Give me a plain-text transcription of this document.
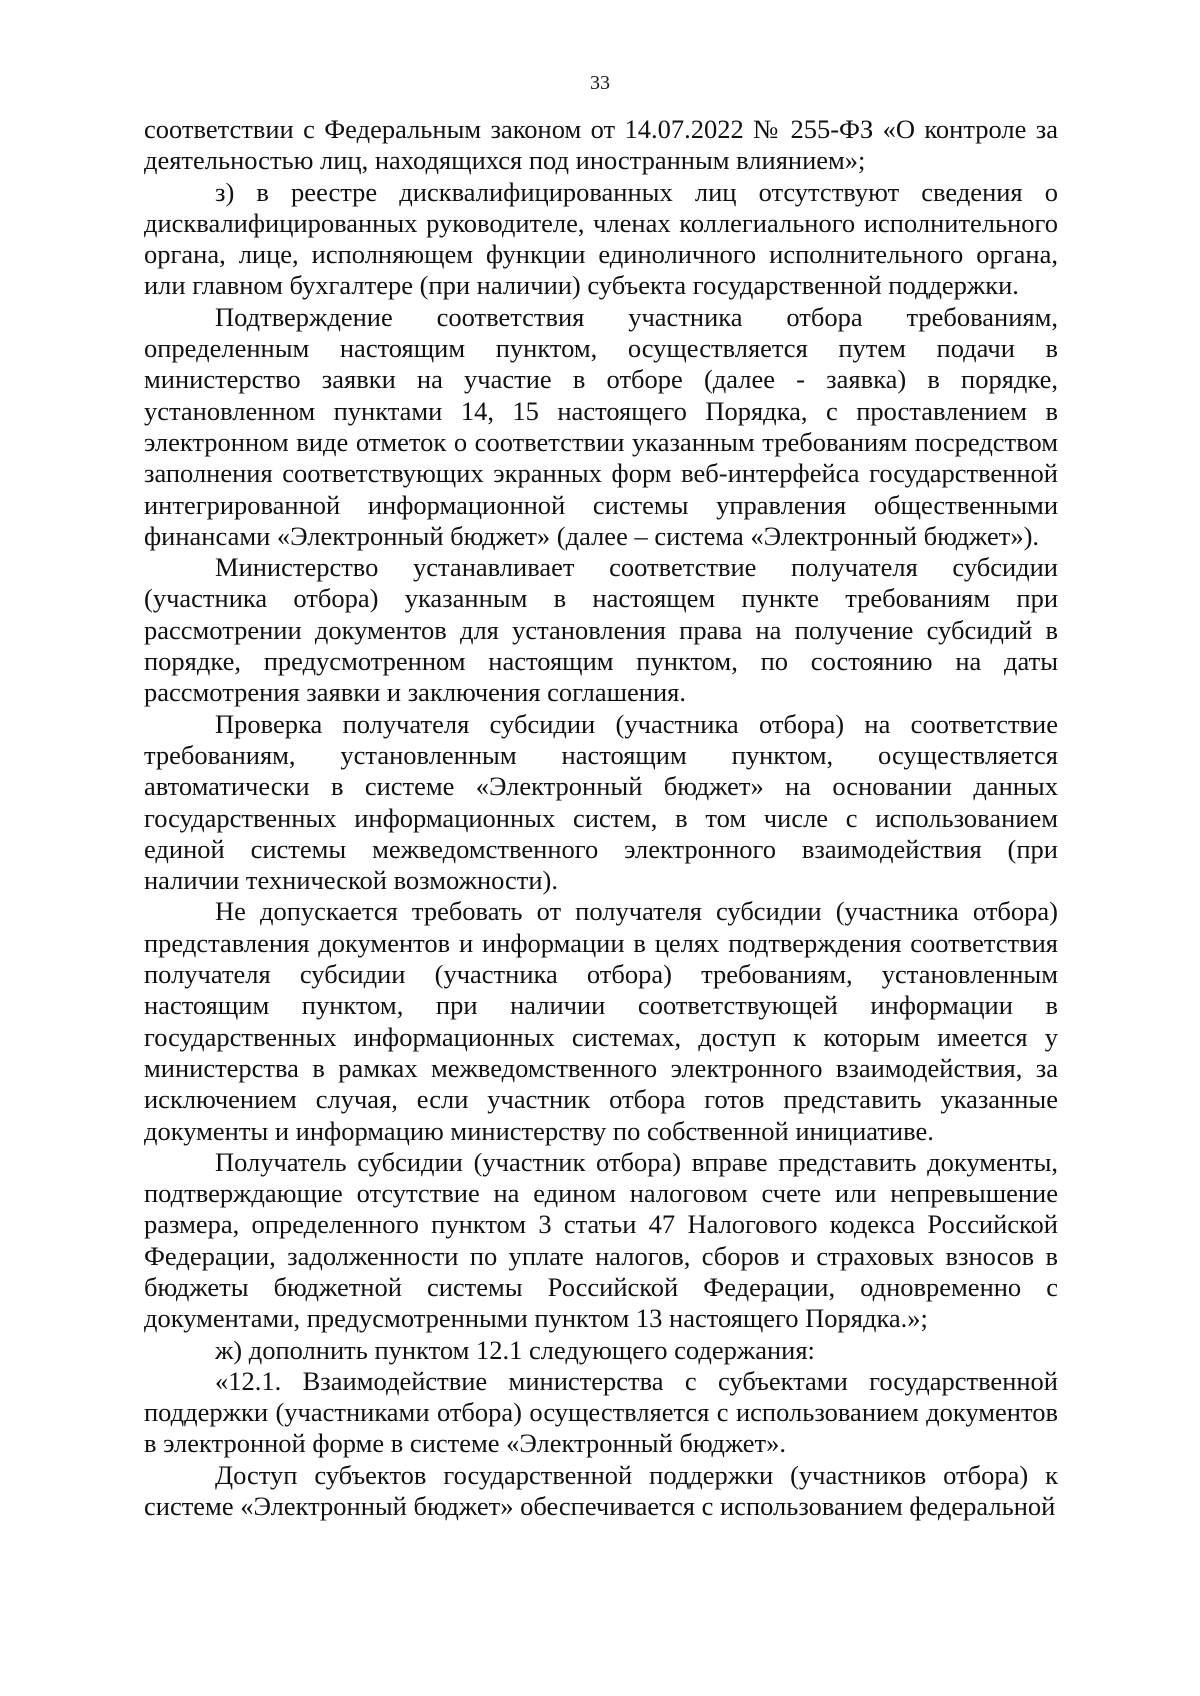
33

соответствии с Федеральным законом от 14.07.2022 № 255-ФЗ «О контроле за деятельностью лиц, находящихся под иностранным влиянием»;

з) в реестре дисквалифицированных лиц отсутствуют сведения о дисквалифицированных руководителе, членах коллегиального исполнительного органа, лице, исполняющем функции единоличного исполнительного органа, или главном бухгалтере (при наличии) субъекта государственной поддержки.

Подтверждение соответствия участника отбора требованиям, определенным настоящим пунктом, осуществляется путем подачи в министерство заявки на участие в отборе (далее - заявка) в порядке, установленном пунктами 14, 15 настоящего Порядка, с проставлением в электронном виде отметок о соответствии указанным требованиям посредством заполнения соответствующих экранных форм веб-интерфейса государственной интегрированной информационной системы управления общественными финансами «Электронный бюджет» (далее – система «Электронный бюджет»).

Министерство устанавливает соответствие получателя субсидии (участника отбора) указанным в настоящем пункте требованиям при рассмотрении документов для установления права на получение субсидий в порядке, предусмотренном настоящим пунктом, по состоянию на даты рассмотрения заявки и заключения соглашения.

Проверка получателя субсидии (участника отбора) на соответствие требованиям, установленным настоящим пунктом, осуществляется автоматически в системе «Электронный бюджет» на основании данных государственных информационных систем, в том числе с использованием единой системы межведомственного электронного взаимодействия (при наличии технической возможности).

Не допускается требовать от получателя субсидии (участника отбора) представления документов и информации в целях подтверждения соответствия получателя субсидии (участника отбора) требованиям, установленным настоящим пунктом, при наличии соответствующей информации в государственных информационных системах, доступ к которым имеется у министерства в рамках межведомственного электронного взаимодействия, за исключением случая, если участник отбора готов представить указанные документы и информацию министерству по собственной инициативе.

Получатель субсидии (участник отбора) вправе представить документы, подтверждающие отсутствие на едином налоговом счете или непревышение размера, определенного пунктом 3 статьи 47 Налогового кодекса Российской Федерации, задолженности по уплате налогов, сборов и страховых взносов в бюджеты бюджетной системы Российской Федерации, одновременно с документами, предусмотренными пунктом 13 настоящего Порядка.»;

ж) дополнить пунктом 12.1 следующего содержания:

«12.1. Взаимодействие министерства с субъектами государственной поддержки (участниками отбора) осуществляется с использованием документов в электронной форме в системе «Электронный бюджет».

Доступ субъектов государственной поддержки (участников отбора) к системе «Электронный бюджет» обеспечивается с использованием федеральной
